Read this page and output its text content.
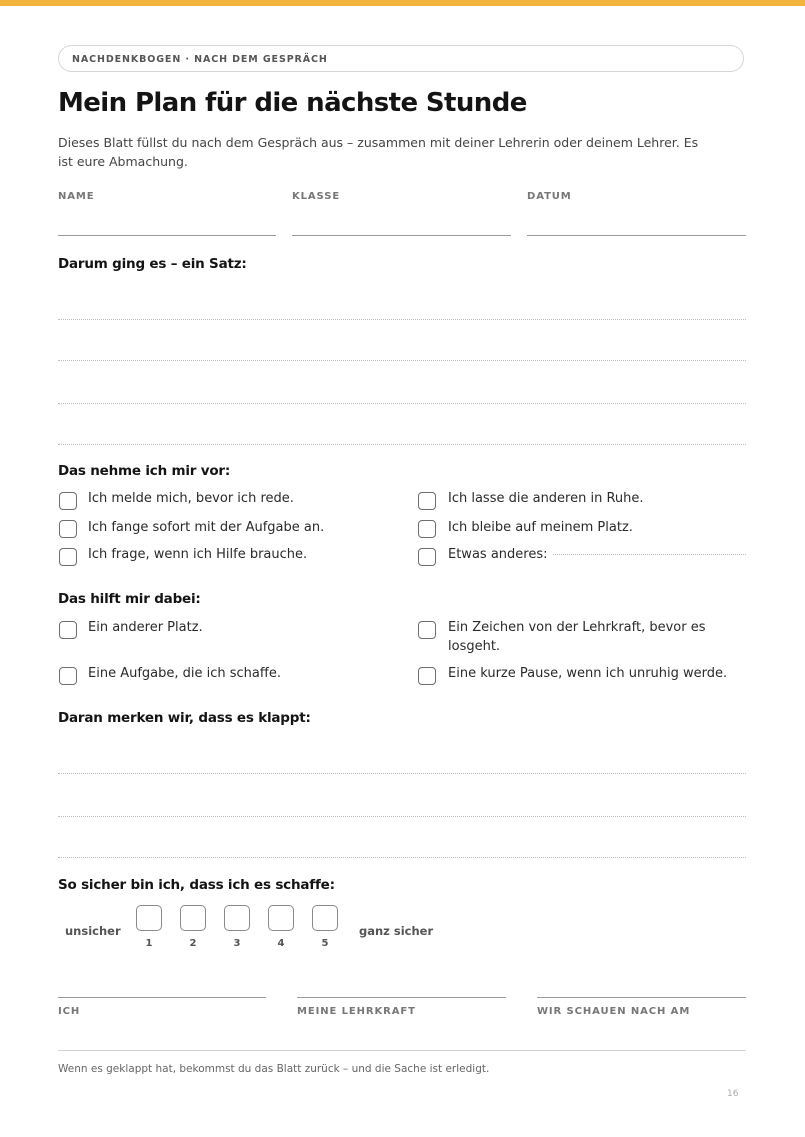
NACHDENKBOGEN · NACH DEM GESPRÄCH
Mein Plan für die nächste Stunde
Dieses Blatt füllst du nach dem Gespräch aus – zusammen mit deiner Lehrerin oder deinem Lehrer. Es ist eure Abmachung.
NAME	KLASSE	DATUM
Darum ging es – ein Satz:
Das nehme ich mir vor:
Ich melde mich, bevor ich rede.	Ich lasse die anderen in Ruhe.
Ich fange sofort mit der Aufgabe an.	Ich bleibe auf meinem Platz.
Ich frage, wenn ich Hilfe brauche.	Etwas anderes:
Das hilft mir dabei:
Ein anderer Platz.	Ein Zeichen von der Lehrkraft, bevor es losgeht.
Eine Aufgabe, die ich schaffe.	Eine kurze Pause, wenn ich unruhig werde.
Daran merken wir, dass es klappt:
So sicher bin ich, dass ich es schaffe:
unsicher
1	2	3	4	5
ganz sicher
ICH	MEINE LEHRKRAFT	WIR SCHAUEN NACH AM
Wenn es geklappt hat, bekommst du das Blatt zurück – und die Sache ist erledigt.
16
